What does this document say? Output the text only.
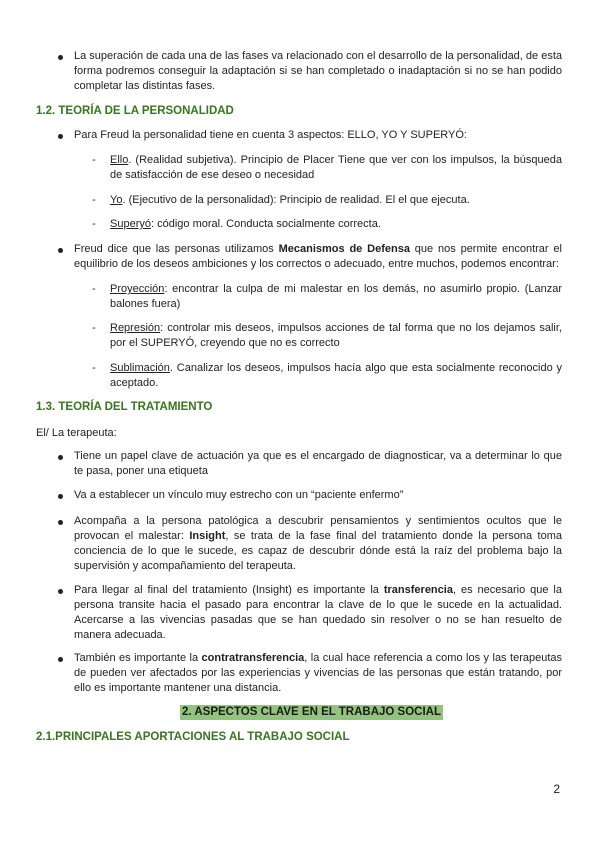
La superación de cada una de las fases va relacionado con el desarrollo de la personalidad, de esta forma podremos conseguir la adaptación si se han completado o inadaptación si no se han podido completar las distintas fases.
1.2. TEORÍA DE LA PERSONALIDAD
Para Freud la personalidad tiene en cuenta 3 aspectos: ELLO, YO Y SUPERYÓ:
-
Ello. (Realidad subjetiva). Principio de Placer Tiene que ver con los impulsos, la búsqueda de satisfacción de ese deseo o necesidad
-
Yo. (Ejecutivo de la personalidad): Principio de realidad. El el que ejecuta.
-
Superyó: código moral. Conducta socialmente correcta.
Freud dice que las personas utilizamos Mecanismos de Defensa que nos permite encontrar el equilibrio de los deseos ambiciones y los correctos o adecuado, entre muchos, podemos encontrar:
-
Proyección: encontrar la culpa de mi malestar en los demás, no asumirlo propio. (Lanzar balones fuera)
-
Represión: controlar mis deseos, impulsos acciones de tal forma que no los dejamos salir, por el SUPERYÓ, creyendo que no es correcto
-
Sublimación. Canalizar los deseos, impulsos hacía algo que esta socialmente reconocido y aceptado.
1.3. TEORÍA DEL TRATAMIENTO
El/ La terapeuta:
Tiene un papel clave de actuación ya que es el encargado de diagnosticar, va a determinar lo que te pasa, poner una etiqueta
Va a establecer un vínculo muy estrecho con un “paciente enfermo”
Acompaña a la persona patológica a descubrir pensamientos y sentimientos ocultos que le provocan el malestar: Insight, se trata de la fase final del tratamiento donde la persona toma conciencia de lo que le sucede, es capaz de descubrir dónde está la raíz del problema bajo la supervisión y acompañamiento del terapeuta.
Para llegar al final del tratamiento (Insight) es importante la transferencia, es necesario que la persona transite hacia el pasado para encontrar la clave de lo que le sucede en la actualidad. Acercarse a las vivencias pasadas que se han quedado sin resolver o no se han resuelto de manera adecuada.
También es importante la contratransferencia, la cual hace referencia a como los y las terapeutas de pueden ver afectados por las experiencias y vivencias de las personas que están tratando, por ello es importante mantener una distancia.
2. ASPECTOS CLAVE EN EL TRABAJO SOCIAL
2.1.PRINCIPALES APORTACIONES AL TRABAJO SOCIAL
2
